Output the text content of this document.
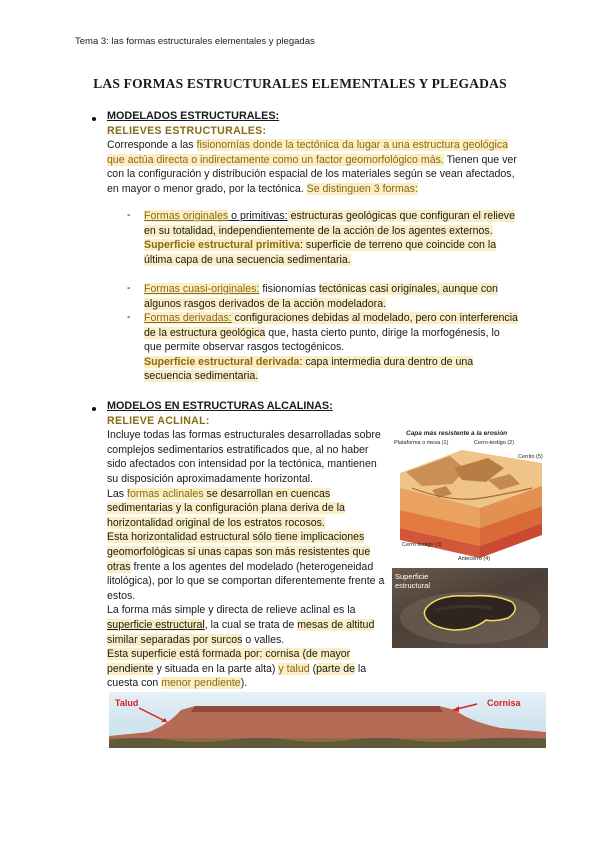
Tema 3: las formas estructurales elementales y plegadas
LAS FORMAS ESTRUCTURALES ELEMENTALES Y PLEGADAS
MODELADOS ESTRUCTURALES:
RELIEVES ESTRUCTURALES:
Corresponde a las fisionomías donde la tectónica da lugar a una estructura geológica que actúa directa o indirectamente como un factor geomorfológico más. Tienen que ver con la configuración y distribución espacial de los materiales según se vean afectados, en mayor o menor grado, por la tectónica. Se distinguen 3 formas:
- Formas originales o primitivas: estructuras geológicas que configuran el relieve en su totalidad, independientemente de la acción de los agentes externos.
Superficie estructural primitiva: superficie de terreno que coincide con la última capa de una secuencia sedimentaria.
- Formas cuasi-originales: fisionomías tectónicas casi originales, aunque con algunos rasgos derivados de la acción modeladora.
- Formas derivadas: configuraciones debidas al modelado, pero con interferencia de la estructura geológica que, hasta cierto punto, dirige la morfogénesis, lo que permite observar rasgos tectogénicos.
Superficie estructural derivada: capa intermedia dura dentro de una secuencia sedimentaria.
MODELOS EN ESTRUCTURAS ALCALINAS:
RELIEVE ACLINAL:
Incluye todas las formas estructurales desarrolladas sobre complejos sedimentarios estratificados que, al no haber sido afectados con intensidad por la tectónica, mantienen su disposición aproximadamente horizontal.
Las formas aclinales se desarrollan en cuencas sedimentarias y la configuración plana deriva de la horizontalidad original de los estratos rocosos.
Esta horizontalidad estructural sólo tiene implicaciones geomorfológicas si unas capas son más resistentes que otras frente a los agentes del modelado (heterogeneidad litológica), por lo que se comportan diferentemente frente a estos.
La forma más simple y directa de relieve aclinal es la superficie estructural, la cual se trata de mesas de altitud similar separadas por surcos o valles.
Esta superficie está formada por: cornisa (de mayor pendiente y situada en la parte alta) y talud (parte de la cuesta con menor pendiente).
Capa más resistente a la erosión
Plataforma o mesa (1)	Cerro-testigo (2)
Cerrito (5)
Cerro testigo (3)
Antecerro (4)
Superficie estructural
Talud	Cornisa
